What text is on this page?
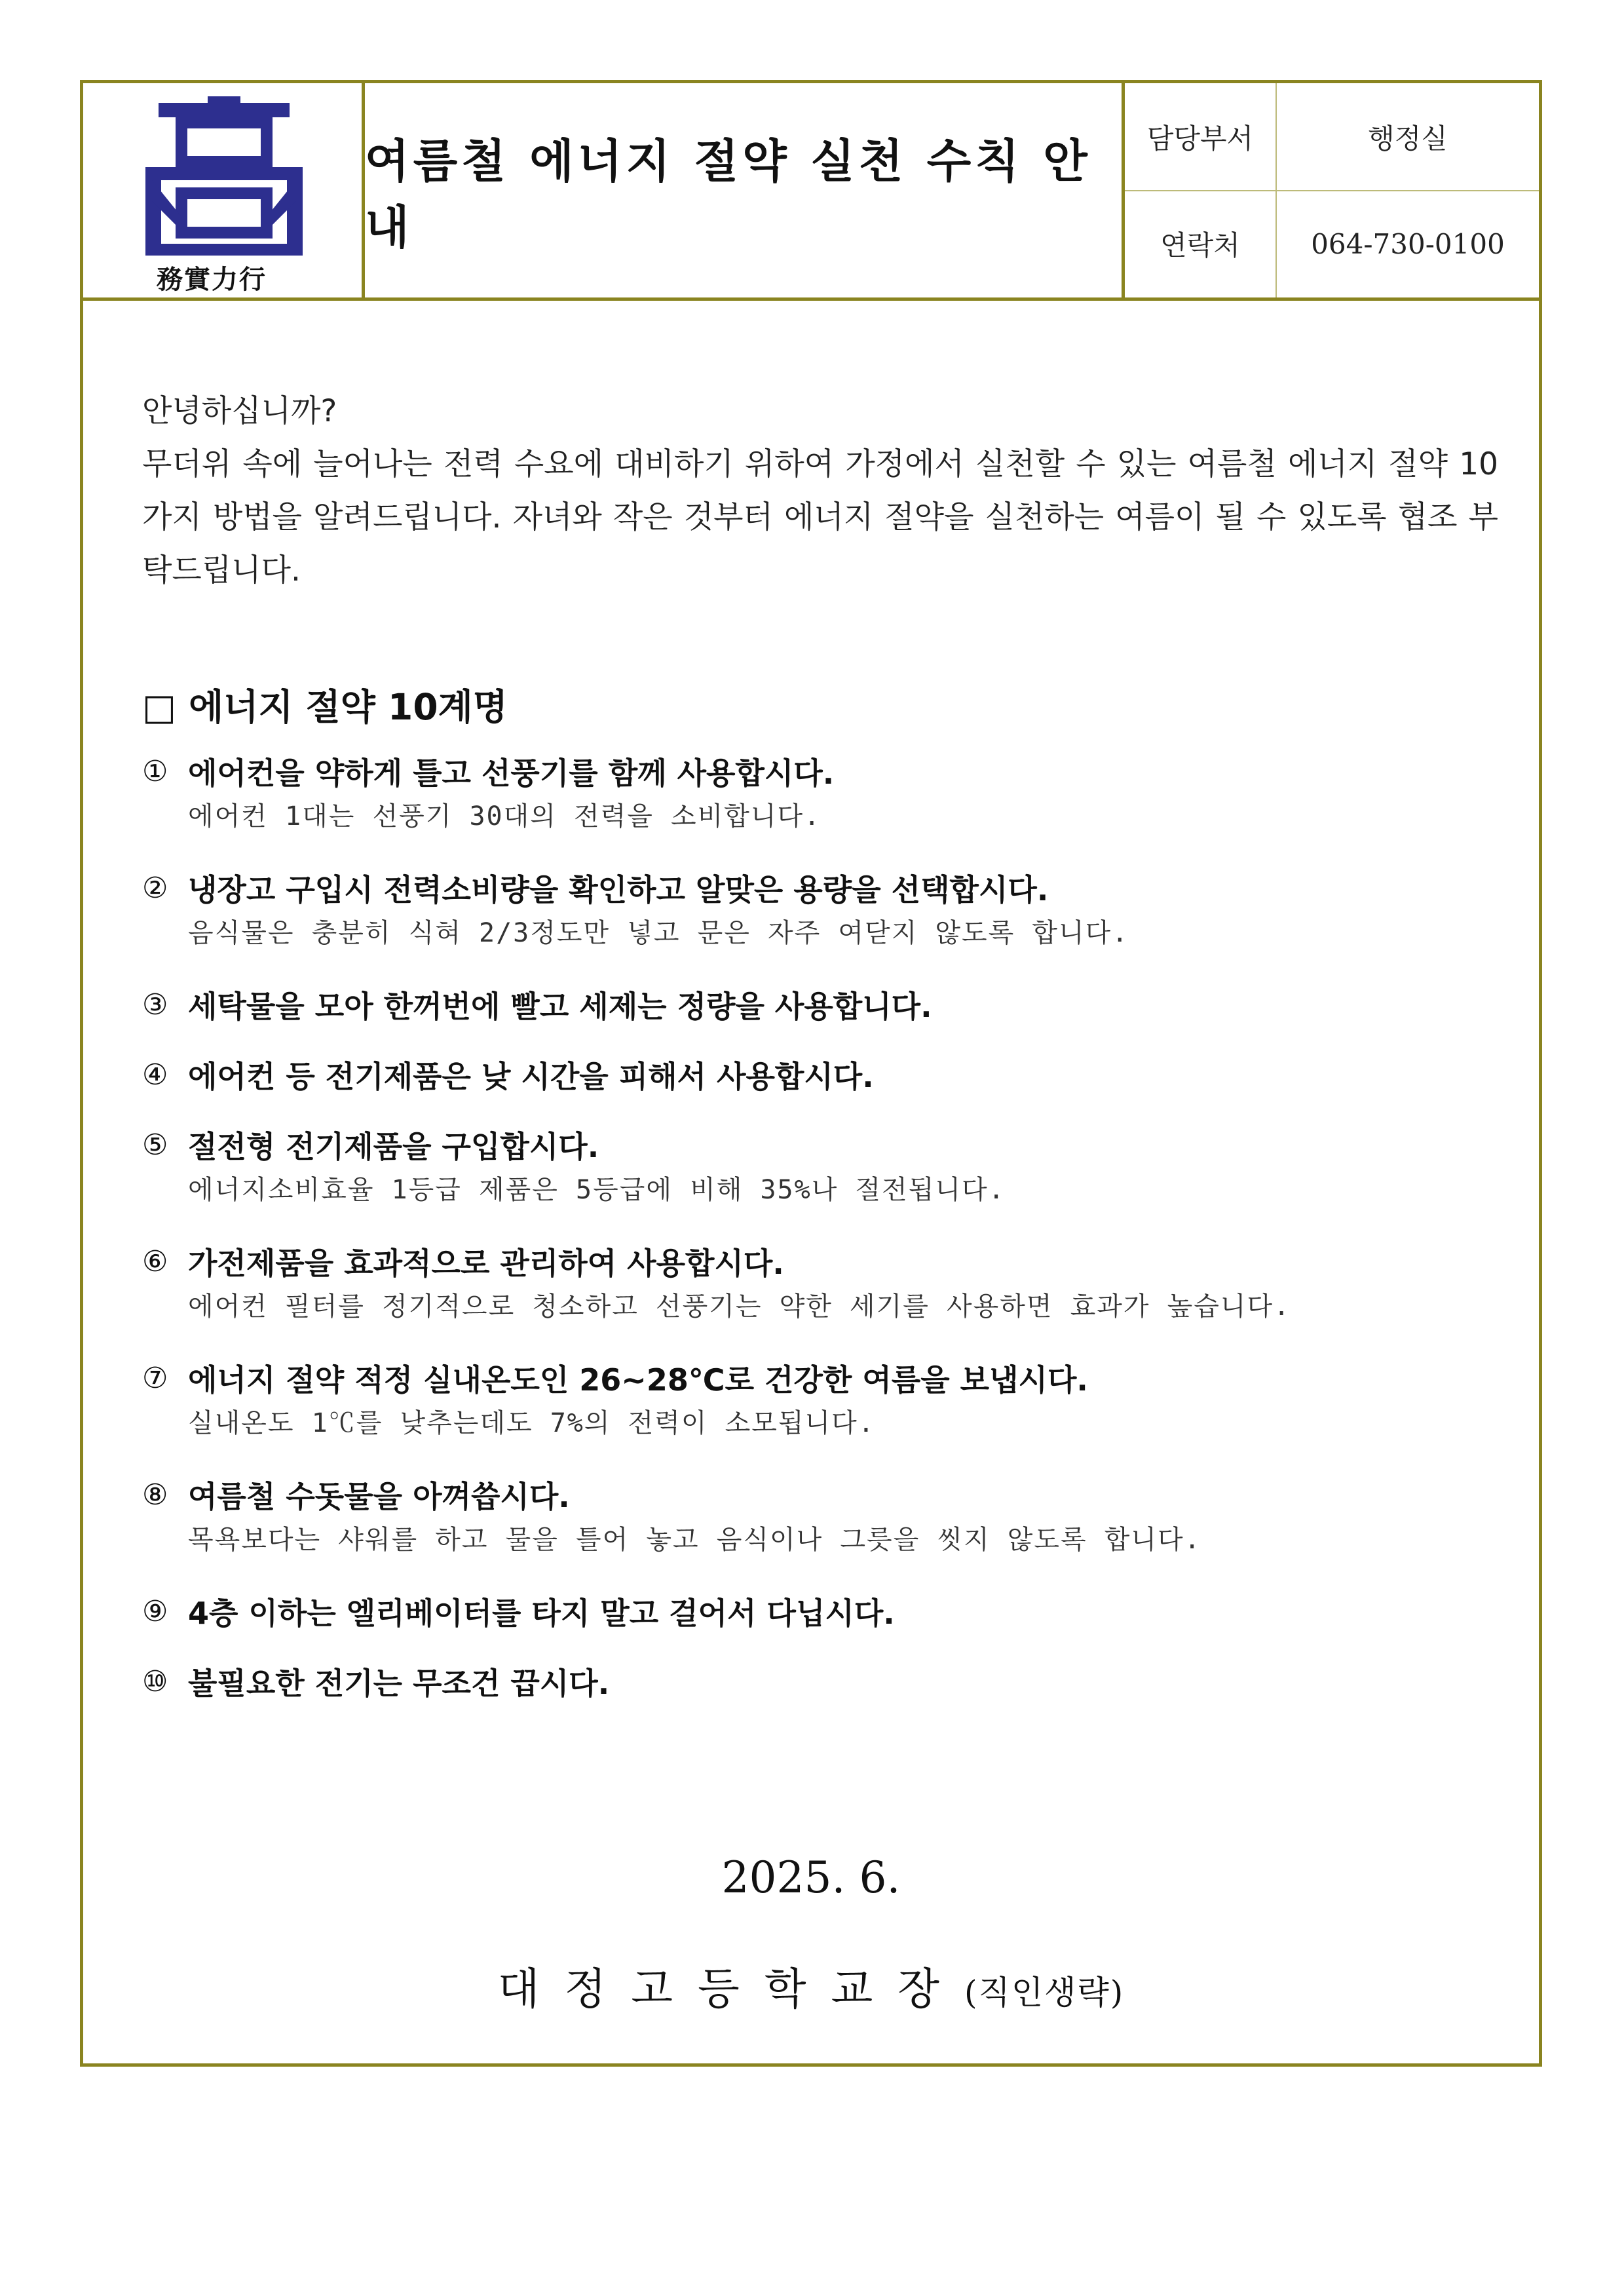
務實力行
여름철 에너지 절약 실천 수칙 안내
담당부서	행정실
연락처	064-730-0100

안녕하십니까?

무더위 속에 늘어나는 전력 수요에 대비하기 위하여 가정에서 실천할 수 있는 여름철 에너지 절약 10가지 방법을 알려드립니다. 자녀와 작은 것부터 에너지 절약을 실천하는 여름이 될 수 있도록 협조 부탁드립니다.

□ 에너지 절약 10계명
① 에어컨을 약하게 틀고 선풍기를 함께 사용합시다.
에어컨 1대는 선풍기 30대의 전력을 소비합니다.
② 냉장고 구입시 전력소비량을 확인하고 알맞은 용량을 선택합시다.
음식물은 충분히 식혀 2/3정도만 넣고 문은 자주 여닫지 않도록 합니다.
③ 세탁물을 모아 한꺼번에 빨고 세제는 정량을 사용합니다.
④ 에어컨 등 전기제품은 낮 시간을 피해서 사용합시다.
⑤ 절전형 전기제품을 구입합시다.
에너지소비효율 1등급 제품은 5등급에 비해 35%나 절전됩니다.
⑥ 가전제품을 효과적으로 관리하여 사용합시다.
에어컨 필터를 정기적으로 청소하고 선풍기는 약한 세기를 사용하면 효과가 높습니다.
⑦ 에너지 절약 적정 실내온도인 26~28℃로 건강한 여름을 보냅시다.
실내온도 1℃를 낮추는데도 7%의 전력이 소모됩니다.
⑧ 여름철 수돗물을 아껴씁시다.
목욕보다는 샤워를 하고 물을 틀어 놓고 음식이나 그릇을 씻지 않도록 합니다.
⑨ 4층 이하는 엘리베이터를 타지 말고 걸어서 다닙시다.
⑩ 불필요한 전기는 무조건 끕시다.
2025. 6.
대정고등학교장(직인생략)
